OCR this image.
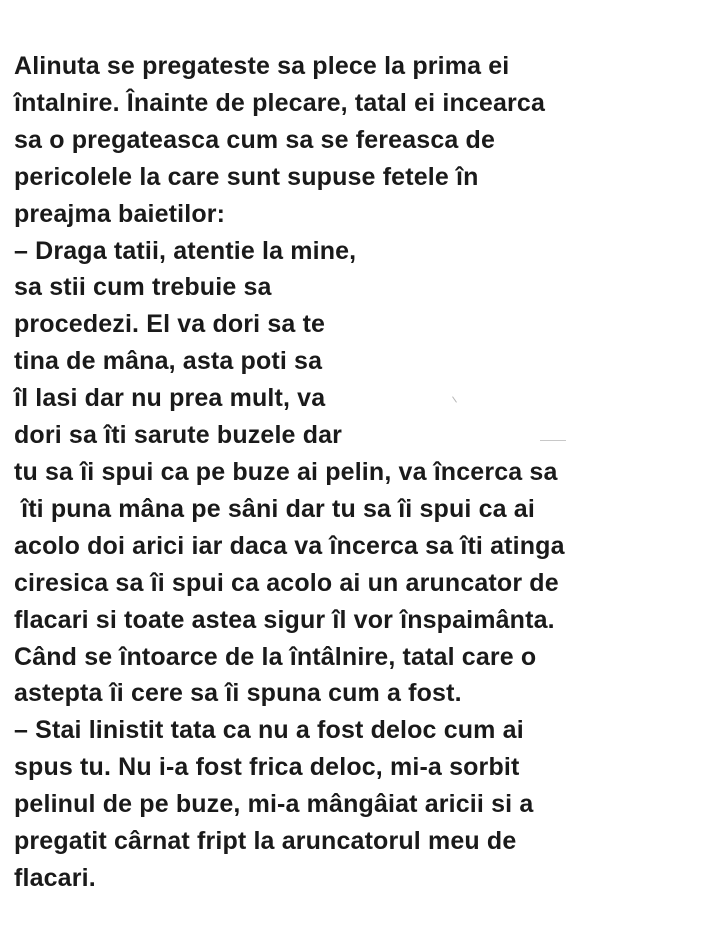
Alinuta se pregateste sa plece la prima ei
întalnire. Înainte de plecare, tatal ei incearca
sa o pregateasca cum sa se fereasca de
pericolele la care sunt supuse fetele în
preajma baietilor:
– Draga tatii, atentie la mine,
sa stii cum trebuie sa
procedezi. El va dori sa te
tina de mâna, asta poti sa
îl lasi dar nu prea mult, va
dori sa îti sarute buzele dar
tu sa îi spui ca pe buze ai pelin, va încerca sa
îti puna mâna pe sâni dar tu sa îi spui ca ai
acolo doi arici iar daca va încerca sa îti atinga
ciresica sa îi spui ca acolo ai un aruncator de
flacari si toate astea sigur îl vor înspaimânta.
Când se întoarce de la întâlnire, tatal care o
astepta îi cere sa îi spuna cum a fost.
– Stai linistit tata ca nu a fost deloc cum ai
spus tu. Nu i-a fost frica deloc, mi-a sorbit
pelinul de pe buze, mi-a mângâiat aricii si a
pregatit cârnat fript la aruncatorul meu de
flacari.
